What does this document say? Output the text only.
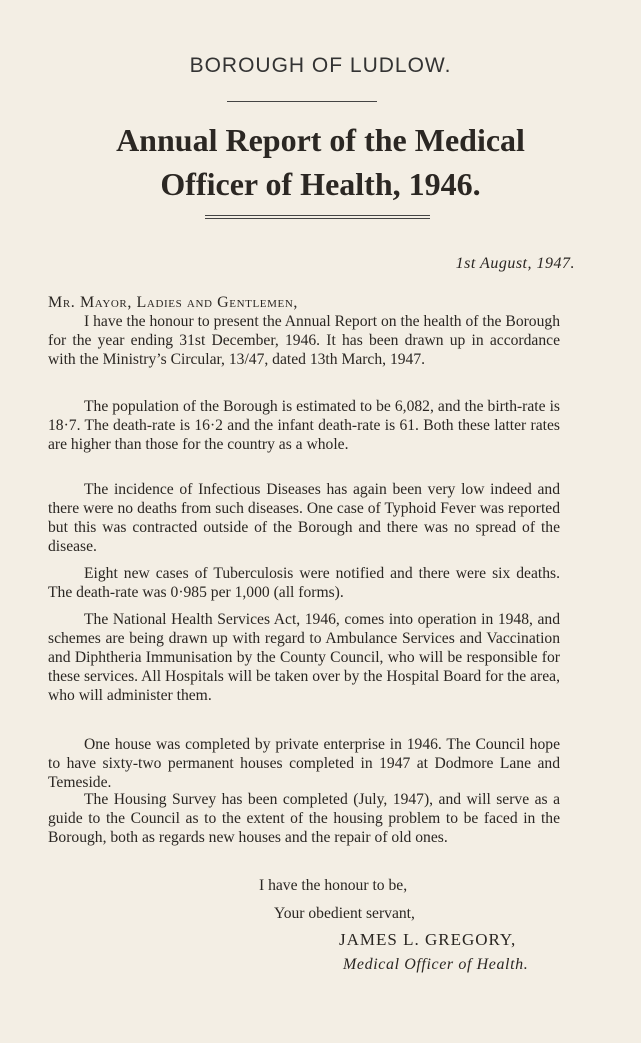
BOROUGH OF LUDLOW.
Annual Report of the Medical
Officer of Health, 1946.
1st August, 1947.
Mr. Mayor, Ladies and Gentlemen,

I have the honour to present the Annual Report on the health of the Borough for the year ending 31st December, 1946. It has been drawn up in accordance with the Ministry’s Circular, 13/47, dated 13th March, 1947.

The population of the Borough is estimated to be 6,082, and the birth-rate is 18·7. The death-rate is 16·2 and the infant death-rate is 61. Both these latter rates are higher than those for the country as a whole.

The incidence of Infectious Diseases has again been very low indeed and there were no deaths from such diseases. One case of Typhoid Fever was reported but this was contracted outside of the Borough and there was no spread of the disease.

Eight new cases of Tuberculosis were notified and there were six deaths. The death-rate was 0·985 per 1,000 (all forms).

The National Health Services Act, 1946, comes into operation in 1948, and schemes are being drawn up with regard to Ambulance Services and Vaccination and Diphtheria Immunisation by the County Council, who will be responsible for these services. All Hospitals will be taken over by the Hospital Board for the area, who will administer them.

One house was completed by private enterprise in 1946. The Council hope to have sixty-two permanent houses completed in 1947 at Dodmore Lane and Temeside.

The Housing Survey has been completed (July, 1947), and will serve as a guide to the Council as to the extent of the housing problem to be faced in the Borough, both as regards new houses and the repair of old ones.

I have the honour to be,
Your obedient servant,
JAMES L. GREGORY,
Medical Officer of Health.
